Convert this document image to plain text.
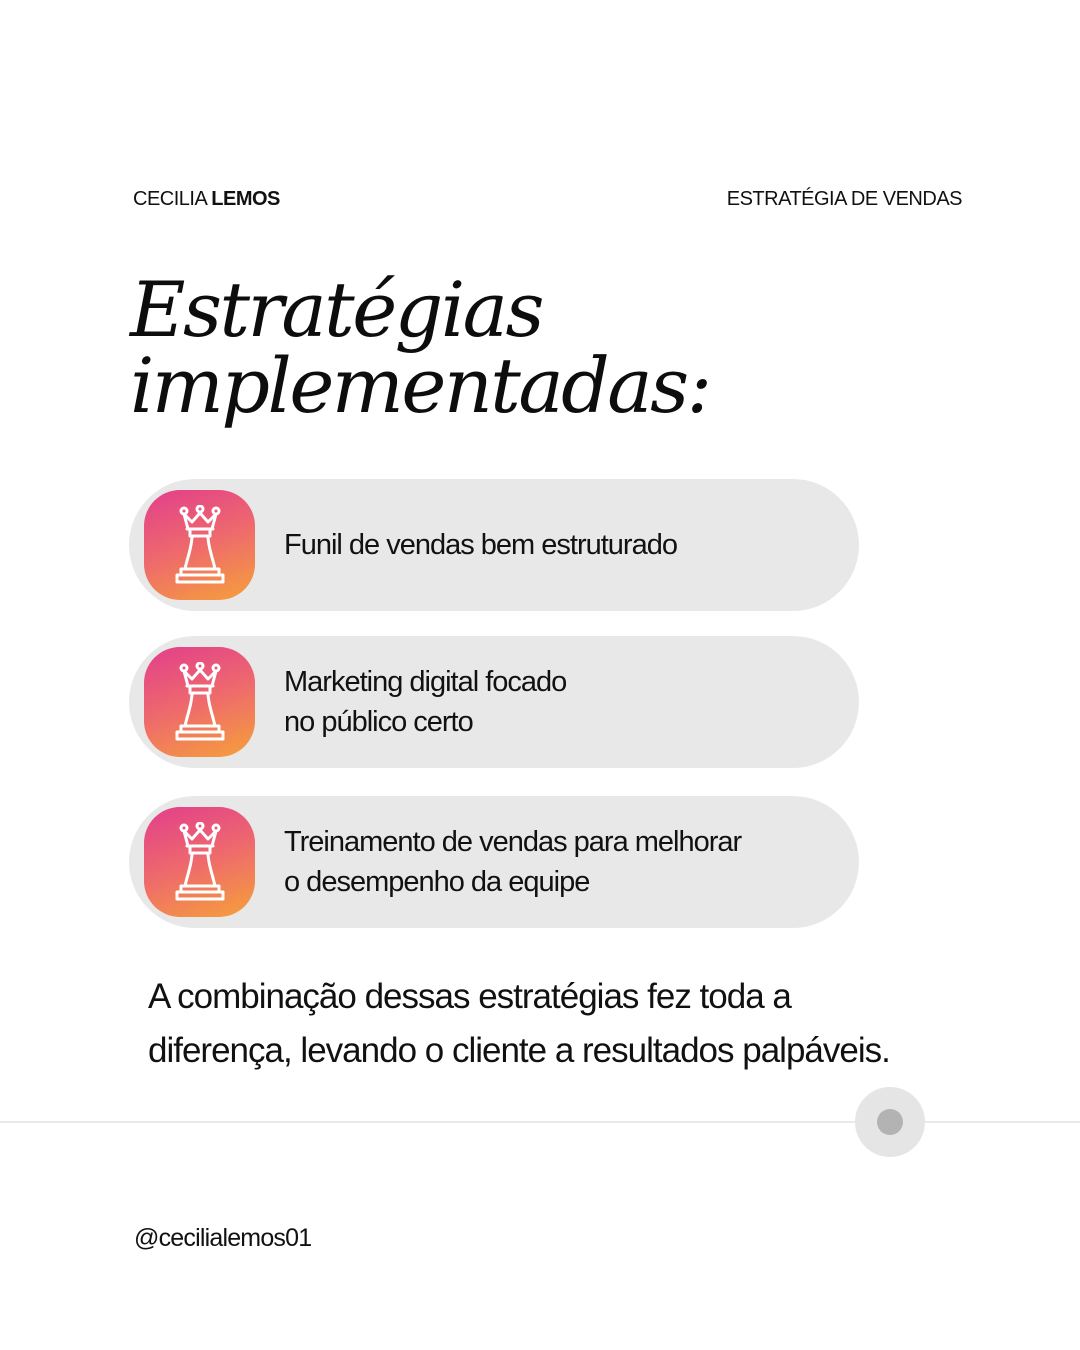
CECILIA LEMOS	ESTRATÉGIA DE VENDAS
Estratégias
implementadas:
Funil de vendas bem estruturado
Marketing digital focado
no público certo
Treinamento de vendas para melhorar
o desempenho da equipe
A combinação dessas estratégias fez toda a
diferença, levando o cliente a resultados palpáveis.
@cecilialemos01
